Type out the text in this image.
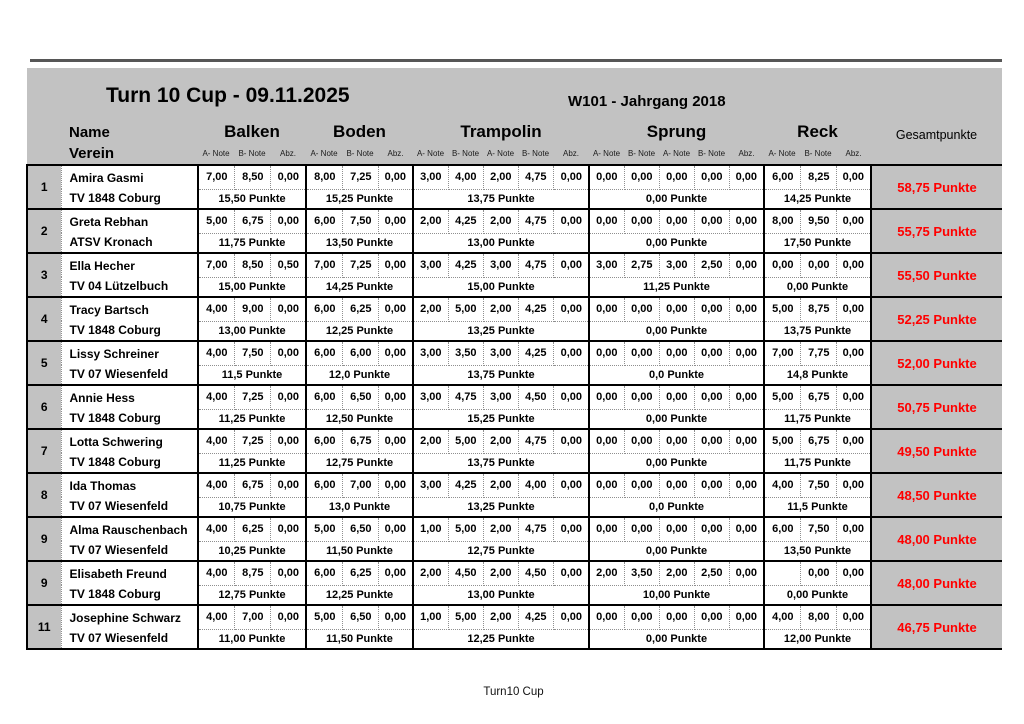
Turn 10 Cup - 09.11.2025 W101 - Jahrgang 2018																					

Name
Verein		Balken			Boden			Trampolin					Sprung					Reck			Gesamtpunkte
		A- Note	B- Note	Abz.	A- Note	B- Note	Abz.	A- Note	B- Note	A- Note	B- Note	Abz.	A- Note	B- Note	A- Note	B- Note	Abz.	A- Note	B- Note	Abz.	
1	Amira Gasmi
TV 1848 Coburg	7,00	8,50	0,00	8,00	7,25	0,00	3,00	4,00	2,00	4,75	0,00	0,00	0,00	0,00	0,00	0,00	6,00	8,25	0,00	58,75 Punkte
		15,50 Punkte			15,25 Punkte			13,75 Punkte					0,00 Punkte					14,25 Punkte			
2	Greta Rebhan
ATSV Kronach	5,00	6,75	0,00	6,00	7,50	0,00	2,00	4,25	2,00	4,75	0,00	0,00	0,00	0,00	0,00	0,00	8,00	9,50	0,00	55,75 Punkte
		11,75 Punkte			13,50 Punkte			13,00 Punkte					0,00 Punkte					17,50 Punkte			
3	Ella Hecher
TV 04 Lützelbuch	7,00	8,50	0,50	7,00	7,25	0,00	3,00	4,25	3,00	4,75	0,00	3,00	2,75	3,00	2,50	0,00	0,00	0,00	0,00	55,50 Punkte
		15,00 Punkte			14,25 Punkte			15,00 Punkte					11,25 Punkte					0,00 Punkte			
4	Tracy Bartsch
TV 1848 Coburg	4,00	9,00	0,00	6,00	6,25	0,00	2,00	5,00	2,00	4,25	0,00	0,00	0,00	0,00	0,00	0,00	5,00	8,75	0,00	52,25 Punkte
		13,00 Punkte			12,25 Punkte			13,25 Punkte					0,00 Punkte					13,75 Punkte			
5	Lissy Schreiner
TV 07 Wiesenfeld	4,00	7,50	0,00	6,00	6,00	0,00	3,00	3,50	3,00	4,25	0,00	0,00	0,00	0,00	0,00	0,00	7,00	7,75	0,00	52,00 Punkte
		11,5 Punkte			12,0 Punkte			13,75 Punkte					0,0 Punkte					14,8 Punkte			
6	Annie Hess
TV 1848 Coburg	4,00	7,25	0,00	6,00	6,50	0,00	3,00	4,75	3,00	4,50	0,00	0,00	0,00	0,00	0,00	0,00	5,00	6,75	0,00	50,75 Punkte
		11,25 Punkte			12,50 Punkte			15,25 Punkte					0,00 Punkte					11,75 Punkte			
7	Lotta Schwering
TV 1848 Coburg	4,00	7,25	0,00	6,00	6,75	0,00	2,00	5,00	2,00	4,75	0,00	0,00	0,00	0,00	0,00	0,00	5,00	6,75	0,00	49,50 Punkte
		11,25 Punkte			12,75 Punkte			13,75 Punkte					0,00 Punkte					11,75 Punkte			
8	Ida Thomas
TV 07 Wiesenfeld	4,00	6,75	0,00	6,00	7,00	0,00	3,00	4,25	2,00	4,00	0,00	0,00	0,00	0,00	0,00	0,00	4,00	7,50	0,00	48,50 Punkte
		10,75 Punkte			13,0 Punkte			13,25 Punkte					0,0 Punkte					11,5 Punkte			
9	Alma Rauschenbach
TV 07 Wiesenfeld	4,00	6,25	0,00	5,00	6,50	0,00	1,00	5,00	2,00	4,75	0,00	0,00	0,00	0,00	0,00	0,00	6,00	7,50	0,00	48,00 Punkte
		10,25 Punkte			11,50 Punkte			12,75 Punkte					0,00 Punkte					13,50 Punkte			
9	Elisabeth Freund
TV 1848 Coburg	4,00	8,75	0,00	6,00	6,25	0,00	2,00	4,50	2,00	4,50	0,00	2,00	3,50	2,00	2,50	0,00		0,00	0,00	48,00 Punkte
		12,75 Punkte			12,25 Punkte			13,00 Punkte					10,00 Punkte					0,00 Punkte			
11	Josephine Schwarz
TV 07 Wiesenfeld	4,00	7,00	0,00	5,00	6,50	0,00	1,00	5,00	2,00	4,25	0,00	0,00	0,00	0,00	0,00	0,00	4,00	8,00	0,00	46,75 Punkte
		11,00 Punkte			11,50 Punkte			12,25 Punkte					0,00 Punkte					12,00 Punkte			
Turn10 Cup
